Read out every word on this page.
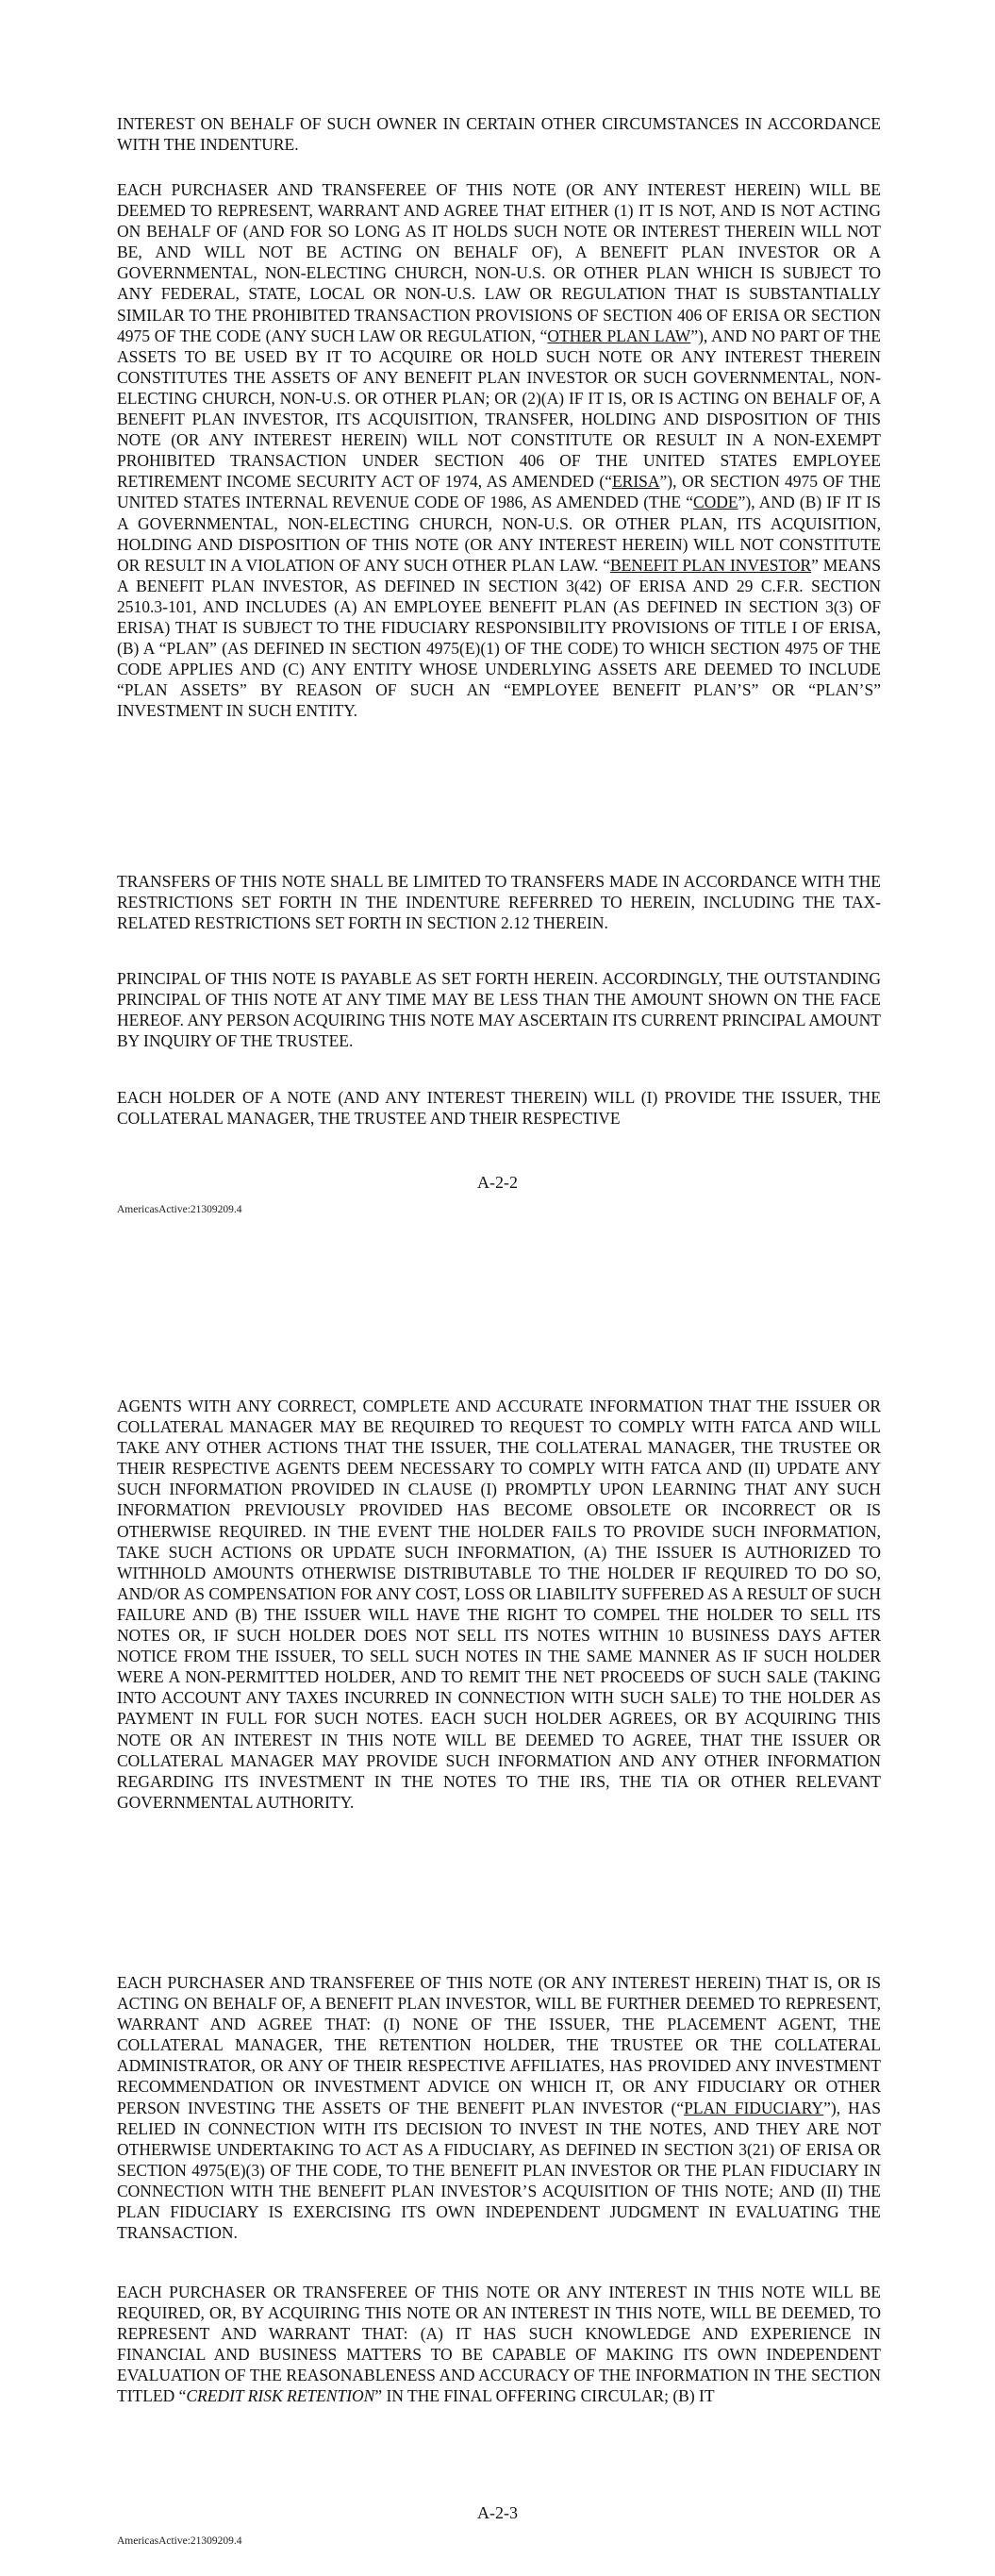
INTEREST ON BEHALF OF SUCH OWNER IN CERTAIN OTHER CIRCUMSTANCES IN ACCORDANCE WITH THE INDENTURE.

EACH PURCHASER AND TRANSFEREE OF THIS NOTE (OR ANY INTEREST HEREIN) WILL BE DEEMED TO REPRESENT, WARRANT AND AGREE THAT EITHER (1) IT IS NOT, AND IS NOT ACTING ON BEHALF OF (AND FOR SO LONG AS IT HOLDS SUCH NOTE OR INTEREST THEREIN WILL NOT BE, AND WILL NOT BE ACTING ON BEHALF OF), A BENEFIT PLAN INVESTOR OR A GOVERNMENTAL, NON-ELECTING CHURCH, NON-U.S. OR OTHER PLAN WHICH IS SUBJECT TO ANY FEDERAL, STATE, LOCAL OR NON-U.S. LAW OR REGULATION THAT IS SUBSTANTIALLY SIMILAR TO THE PROHIBITED TRANSACTION PROVISIONS OF SECTION 406 OF ERISA OR SECTION 4975 OF THE CODE (ANY SUCH LAW OR REGULATION, “OTHER PLAN LAW”), AND NO PART OF THE ASSETS TO BE USED BY IT TO ACQUIRE OR HOLD SUCH NOTE OR ANY INTEREST THEREIN CONSTITUTES THE ASSETS OF ANY BENEFIT PLAN INVESTOR OR SUCH GOVERNMENTAL, NON-ELECTING CHURCH, NON-U.S. OR OTHER PLAN; OR (2)(A) IF IT IS, OR IS ACTING ON BEHALF OF, A BENEFIT PLAN INVESTOR, ITS ACQUISITION, TRANSFER, HOLDING AND DISPOSITION OF THIS NOTE (OR ANY INTEREST HEREIN) WILL NOT CONSTITUTE OR RESULT IN A NON-EXEMPT PROHIBITED TRANSACTION UNDER SECTION 406 OF THE UNITED STATES EMPLOYEE RETIREMENT INCOME SECURITY ACT OF 1974, AS AMENDED (“ERISA”), OR SECTION 4975 OF THE UNITED STATES INTERNAL REVENUE CODE OF 1986, AS AMENDED (THE “CODE”), AND (B) IF IT IS A GOVERNMENTAL, NON-ELECTING CHURCH, NON-U.S. OR OTHER PLAN, ITS ACQUISITION, HOLDING AND DISPOSITION OF THIS NOTE (OR ANY INTEREST HEREIN) WILL NOT CONSTITUTE OR RESULT IN A VIOLATION OF ANY SUCH OTHER PLAN LAW. “BENEFIT PLAN INVESTOR” MEANS A BENEFIT PLAN INVESTOR, AS DEFINED IN SECTION 3(42) OF ERISA AND 29 C.F.R. SECTION 2510.3-101, AND INCLUDES (A) AN EMPLOYEE BENEFIT PLAN (AS DEFINED IN SECTION 3(3) OF ERISA) THAT IS SUBJECT TO THE FIDUCIARY RESPONSIBILITY PROVISIONS OF TITLE I OF ERISA, (B) A “PLAN” (AS DEFINED IN SECTION 4975(E)(1) OF THE CODE) TO WHICH SECTION 4975 OF THE CODE APPLIES AND (C) ANY ENTITY WHOSE UNDERLYING ASSETS ARE DEEMED TO INCLUDE “PLAN ASSETS” BY REASON OF SUCH AN “EMPLOYEE BENEFIT PLAN’S” OR “PLAN’S” INVESTMENT IN SUCH ENTITY.

TRANSFERS OF THIS NOTE SHALL BE LIMITED TO TRANSFERS MADE IN ACCORDANCE WITH THE RESTRICTIONS SET FORTH IN THE INDENTURE REFERRED TO HEREIN, INCLUDING THE TAX-RELATED RESTRICTIONS SET FORTH IN SECTION 2.12 THEREIN.

PRINCIPAL OF THIS NOTE IS PAYABLE AS SET FORTH HEREIN. ACCORDINGLY, THE OUTSTANDING PRINCIPAL OF THIS NOTE AT ANY TIME MAY BE LESS THAN THE AMOUNT SHOWN ON THE FACE HEREOF. ANY PERSON ACQUIRING THIS NOTE MAY ASCERTAIN ITS CURRENT PRINCIPAL AMOUNT BY INQUIRY OF THE TRUSTEE.

EACH HOLDER OF A NOTE (AND ANY INTEREST THEREIN) WILL (I) PROVIDE THE ISSUER, THE COLLATERAL MANAGER, THE TRUSTEE AND THEIR RESPECTIVE

A-2-2
AmericasActive:21309209.4

AGENTS WITH ANY CORRECT, COMPLETE AND ACCURATE INFORMATION THAT THE ISSUER OR COLLATERAL MANAGER MAY BE REQUIRED TO REQUEST TO COMPLY WITH FATCA AND WILL TAKE ANY OTHER ACTIONS THAT THE ISSUER, THE COLLATERAL MANAGER, THE TRUSTEE OR THEIR RESPECTIVE AGENTS DEEM NECESSARY TO COMPLY WITH FATCA AND (II) UPDATE ANY SUCH INFORMATION PROVIDED IN CLAUSE (I) PROMPTLY UPON LEARNING THAT ANY SUCH INFORMATION PREVIOUSLY PROVIDED HAS BECOME OBSOLETE OR INCORRECT OR IS OTHERWISE REQUIRED. IN THE EVENT THE HOLDER FAILS TO PROVIDE SUCH INFORMATION, TAKE SUCH ACTIONS OR UPDATE SUCH INFORMATION, (A) THE ISSUER IS AUTHORIZED TO WITHHOLD AMOUNTS OTHERWISE DISTRIBUTABLE TO THE HOLDER IF REQUIRED TO DO SO, AND/OR AS COMPENSATION FOR ANY COST, LOSS OR LIABILITY SUFFERED AS A RESULT OF SUCH FAILURE AND (B) THE ISSUER WILL HAVE THE RIGHT TO COMPEL THE HOLDER TO SELL ITS NOTES OR, IF SUCH HOLDER DOES NOT SELL ITS NOTES WITHIN 10 BUSINESS DAYS AFTER NOTICE FROM THE ISSUER, TO SELL SUCH NOTES IN THE SAME MANNER AS IF SUCH HOLDER WERE A NON-PERMITTED HOLDER, AND TO REMIT THE NET PROCEEDS OF SUCH SALE (TAKING INTO ACCOUNT ANY TAXES INCURRED IN CONNECTION WITH SUCH SALE) TO THE HOLDER AS PAYMENT IN FULL FOR SUCH NOTES. EACH SUCH HOLDER AGREES, OR BY ACQUIRING THIS NOTE OR AN INTEREST IN THIS NOTE WILL BE DEEMED TO AGREE, THAT THE ISSUER OR COLLATERAL MANAGER MAY PROVIDE SUCH INFORMATION AND ANY OTHER INFORMATION REGARDING ITS INVESTMENT IN THE NOTES TO THE IRS, THE TIA OR OTHER RELEVANT GOVERNMENTAL AUTHORITY.

EACH PURCHASER AND TRANSFEREE OF THIS NOTE (OR ANY INTEREST HEREIN) THAT IS, OR IS ACTING ON BEHALF OF, A BENEFIT PLAN INVESTOR, WILL BE FURTHER DEEMED TO REPRESENT, WARRANT AND AGREE THAT: (I) NONE OF THE ISSUER, THE PLACEMENT AGENT, THE COLLATERAL MANAGER, THE RETENTION HOLDER, THE TRUSTEE OR THE COLLATERAL ADMINISTRATOR, OR ANY OF THEIR RESPECTIVE AFFILIATES, HAS PROVIDED ANY INVESTMENT RECOMMENDATION OR INVESTMENT ADVICE ON WHICH IT, OR ANY FIDUCIARY OR OTHER PERSON INVESTING THE ASSETS OF THE BENEFIT PLAN INVESTOR (“PLAN FIDUCIARY”), HAS RELIED IN CONNECTION WITH ITS DECISION TO INVEST IN THE NOTES, AND THEY ARE NOT OTHERWISE UNDERTAKING TO ACT AS A FIDUCIARY, AS DEFINED IN SECTION 3(21) OF ERISA OR SECTION 4975(E)(3) OF THE CODE, TO THE BENEFIT PLAN INVESTOR OR THE PLAN FIDUCIARY IN CONNECTION WITH THE BENEFIT PLAN INVESTOR’S ACQUISITION OF THIS NOTE; AND (II) THE PLAN FIDUCIARY IS EXERCISING ITS OWN INDEPENDENT JUDGMENT IN EVALUATING THE TRANSACTION.

EACH PURCHASER OR TRANSFEREE OF THIS NOTE OR ANY INTEREST IN THIS NOTE WILL BE REQUIRED, OR, BY ACQUIRING THIS NOTE OR AN INTEREST IN THIS NOTE, WILL BE DEEMED, TO REPRESENT AND WARRANT THAT: (A) IT HAS SUCH KNOWLEDGE AND EXPERIENCE IN FINANCIAL AND BUSINESS MATTERS TO BE CAPABLE OF MAKING ITS OWN INDEPENDENT EVALUATION OF THE REASONABLENESS AND ACCURACY OF THE INFORMATION IN THE SECTION TITLED “CREDIT RISK RETENTION” IN THE FINAL OFFERING CIRCULAR; (B) IT

A-2-3
AmericasActive:21309209.4
